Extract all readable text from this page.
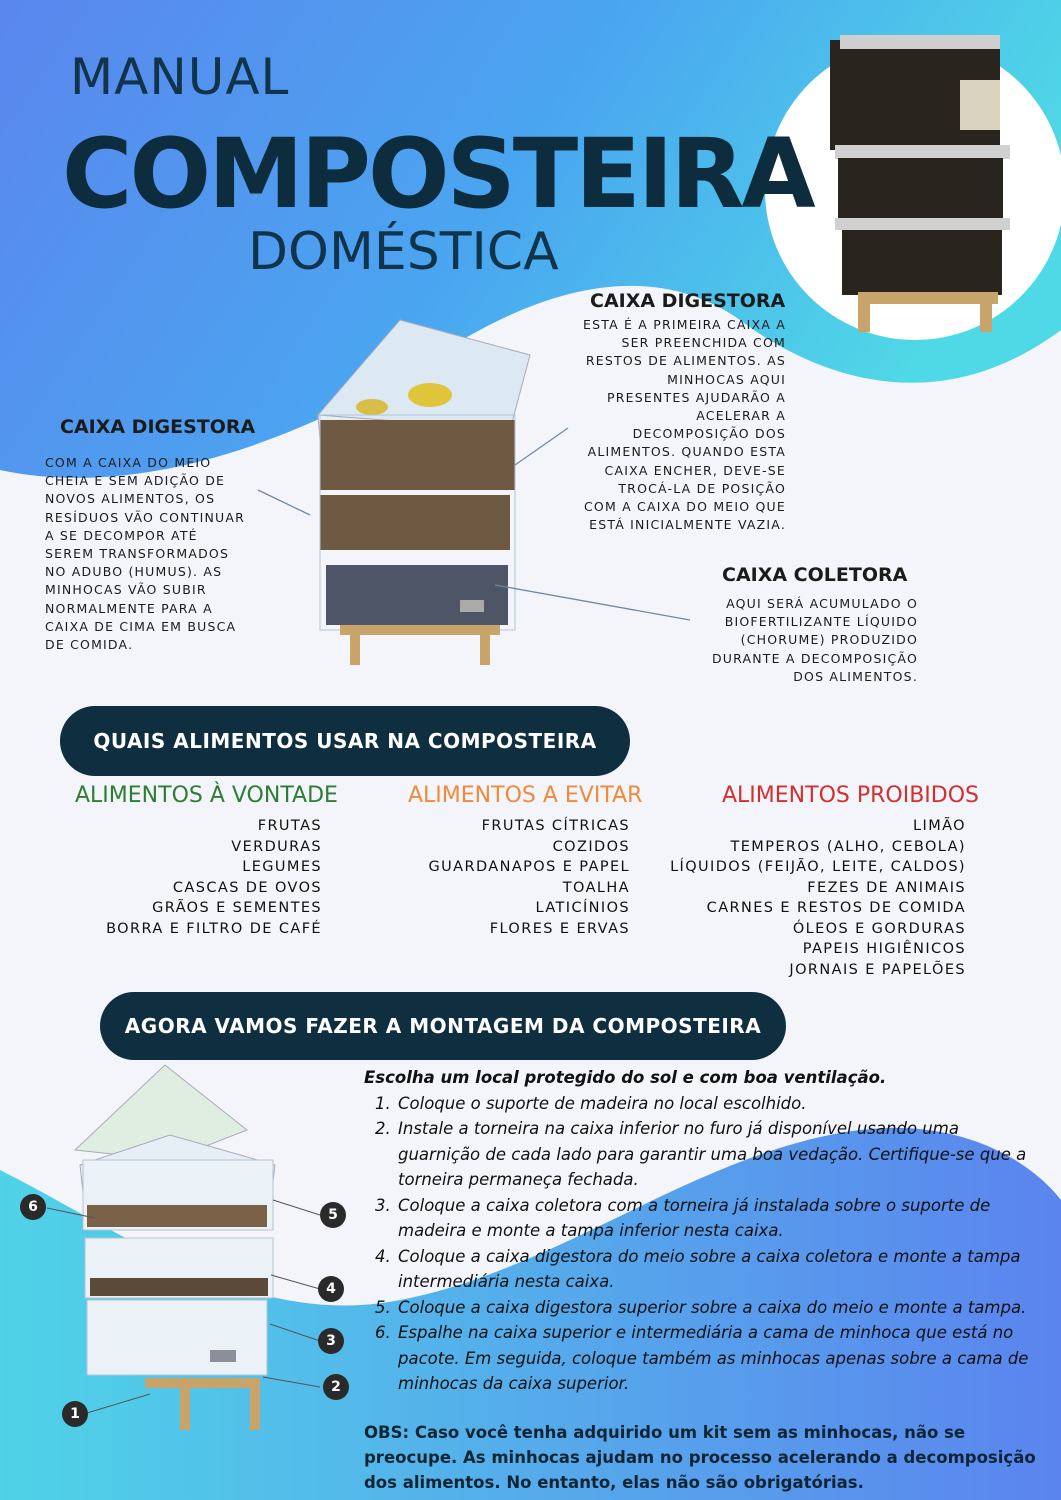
MANUAL
COMPOSTEIRA
DOMÉSTICA
CAIXA DIGESTORA
ESTA É A PRIMEIRA CAIXA A SER PREENCHIDA COM RESTOS DE ALIMENTOS. AS MINHOCAS AQUI PRESENTES AJUDARÃO A ACELERAR A DECOMPOSIÇÃO DOS ALIMENTOS. QUANDO ESTA CAIXA ENCHER, DEVE-SE TROCÁ-LA DE POSIÇÃO COM A CAIXA DO MEIO QUE ESTÁ INICIALMENTE VAZIA.
CAIXA DIGESTORA
COM A CAIXA DO MEIO CHEIA E SEM ADIÇÃO DE NOVOS ALIMENTOS, OS RESÍDUOS VÃO CONTINUAR A SE DECOMPOR ATÉ SEREM TRANSFORMADOS NO ADUBO (HUMUS). AS MINHOCAS VÃO SUBIR NORMALMENTE PARA A CAIXA DE CIMA EM BUSCA DE COMIDA.
CAIXA COLETORA
AQUI SERÁ ACUMULADO O BIOFERTILIZANTE LÍQUIDO (CHORUME) PRODUZIDO DURANTE A DECOMPOSIÇÃO DOS ALIMENTOS.
QUAIS ALIMENTOS USAR NA COMPOSTEIRA
ALIMENTOS À VONTADE
FRUTAS
VERDURAS
LEGUMES
CASCAS DE OVOS
GRÃOS E SEMENTES
BORRA E FILTRO DE CAFÉ
ALIMENTOS A EVITAR
FRUTAS CÍTRICAS
COZIDOS
GUARDANAPOS E PAPEL
TOALHA
LATICÍNIOS
FLORES E ERVAS
ALIMENTOS PROIBIDOS
LIMÃO
TEMPEROS (ALHO, CEBOLA)
LÍQUIDOS (FEIJÃO, LEITE, CALDOS)
FEZES DE ANIMAIS
CARNES E RESTOS DE COMIDA
ÓLEOS E GORDURAS
PAPEIS HIGIÊNICOS
JORNAIS E PAPELÕES
AGORA VAMOS FAZER A MONTAGEM DA COMPOSTEIRA
1
2
3
4
5
6
Escolha um local protegido do sol e com boa ventilação.
1. Coloque o suporte de madeira no local escolhido.
2. Instale a torneira na caixa inferior no furo já disponível usando uma guarnição de cada lado para garantir uma boa vedação. Certifique-se que a torneira permaneça fechada.
3. Coloque a caixa coletora com a torneira já instalada sobre o suporte de madeira e monte a tampa inferior nesta caixa.
4. Coloque a caixa digestora do meio sobre a caixa coletora e monte a tampa intermediária nesta caixa.
5. Coloque a caixa digestora superior sobre a caixa do meio e monte a tampa.
6. Espalhe na caixa superior e intermediária a cama de minhoca que está no pacote. Em seguida, coloque também as minhocas apenas sobre a cama de minhocas da caixa superior.
OBS: Caso você tenha adquirido um kit sem as minhocas, não se preocupe. As minhocas ajudam no processo acelerando a decomposição dos alimentos. No entanto, elas não são obrigatórias.
